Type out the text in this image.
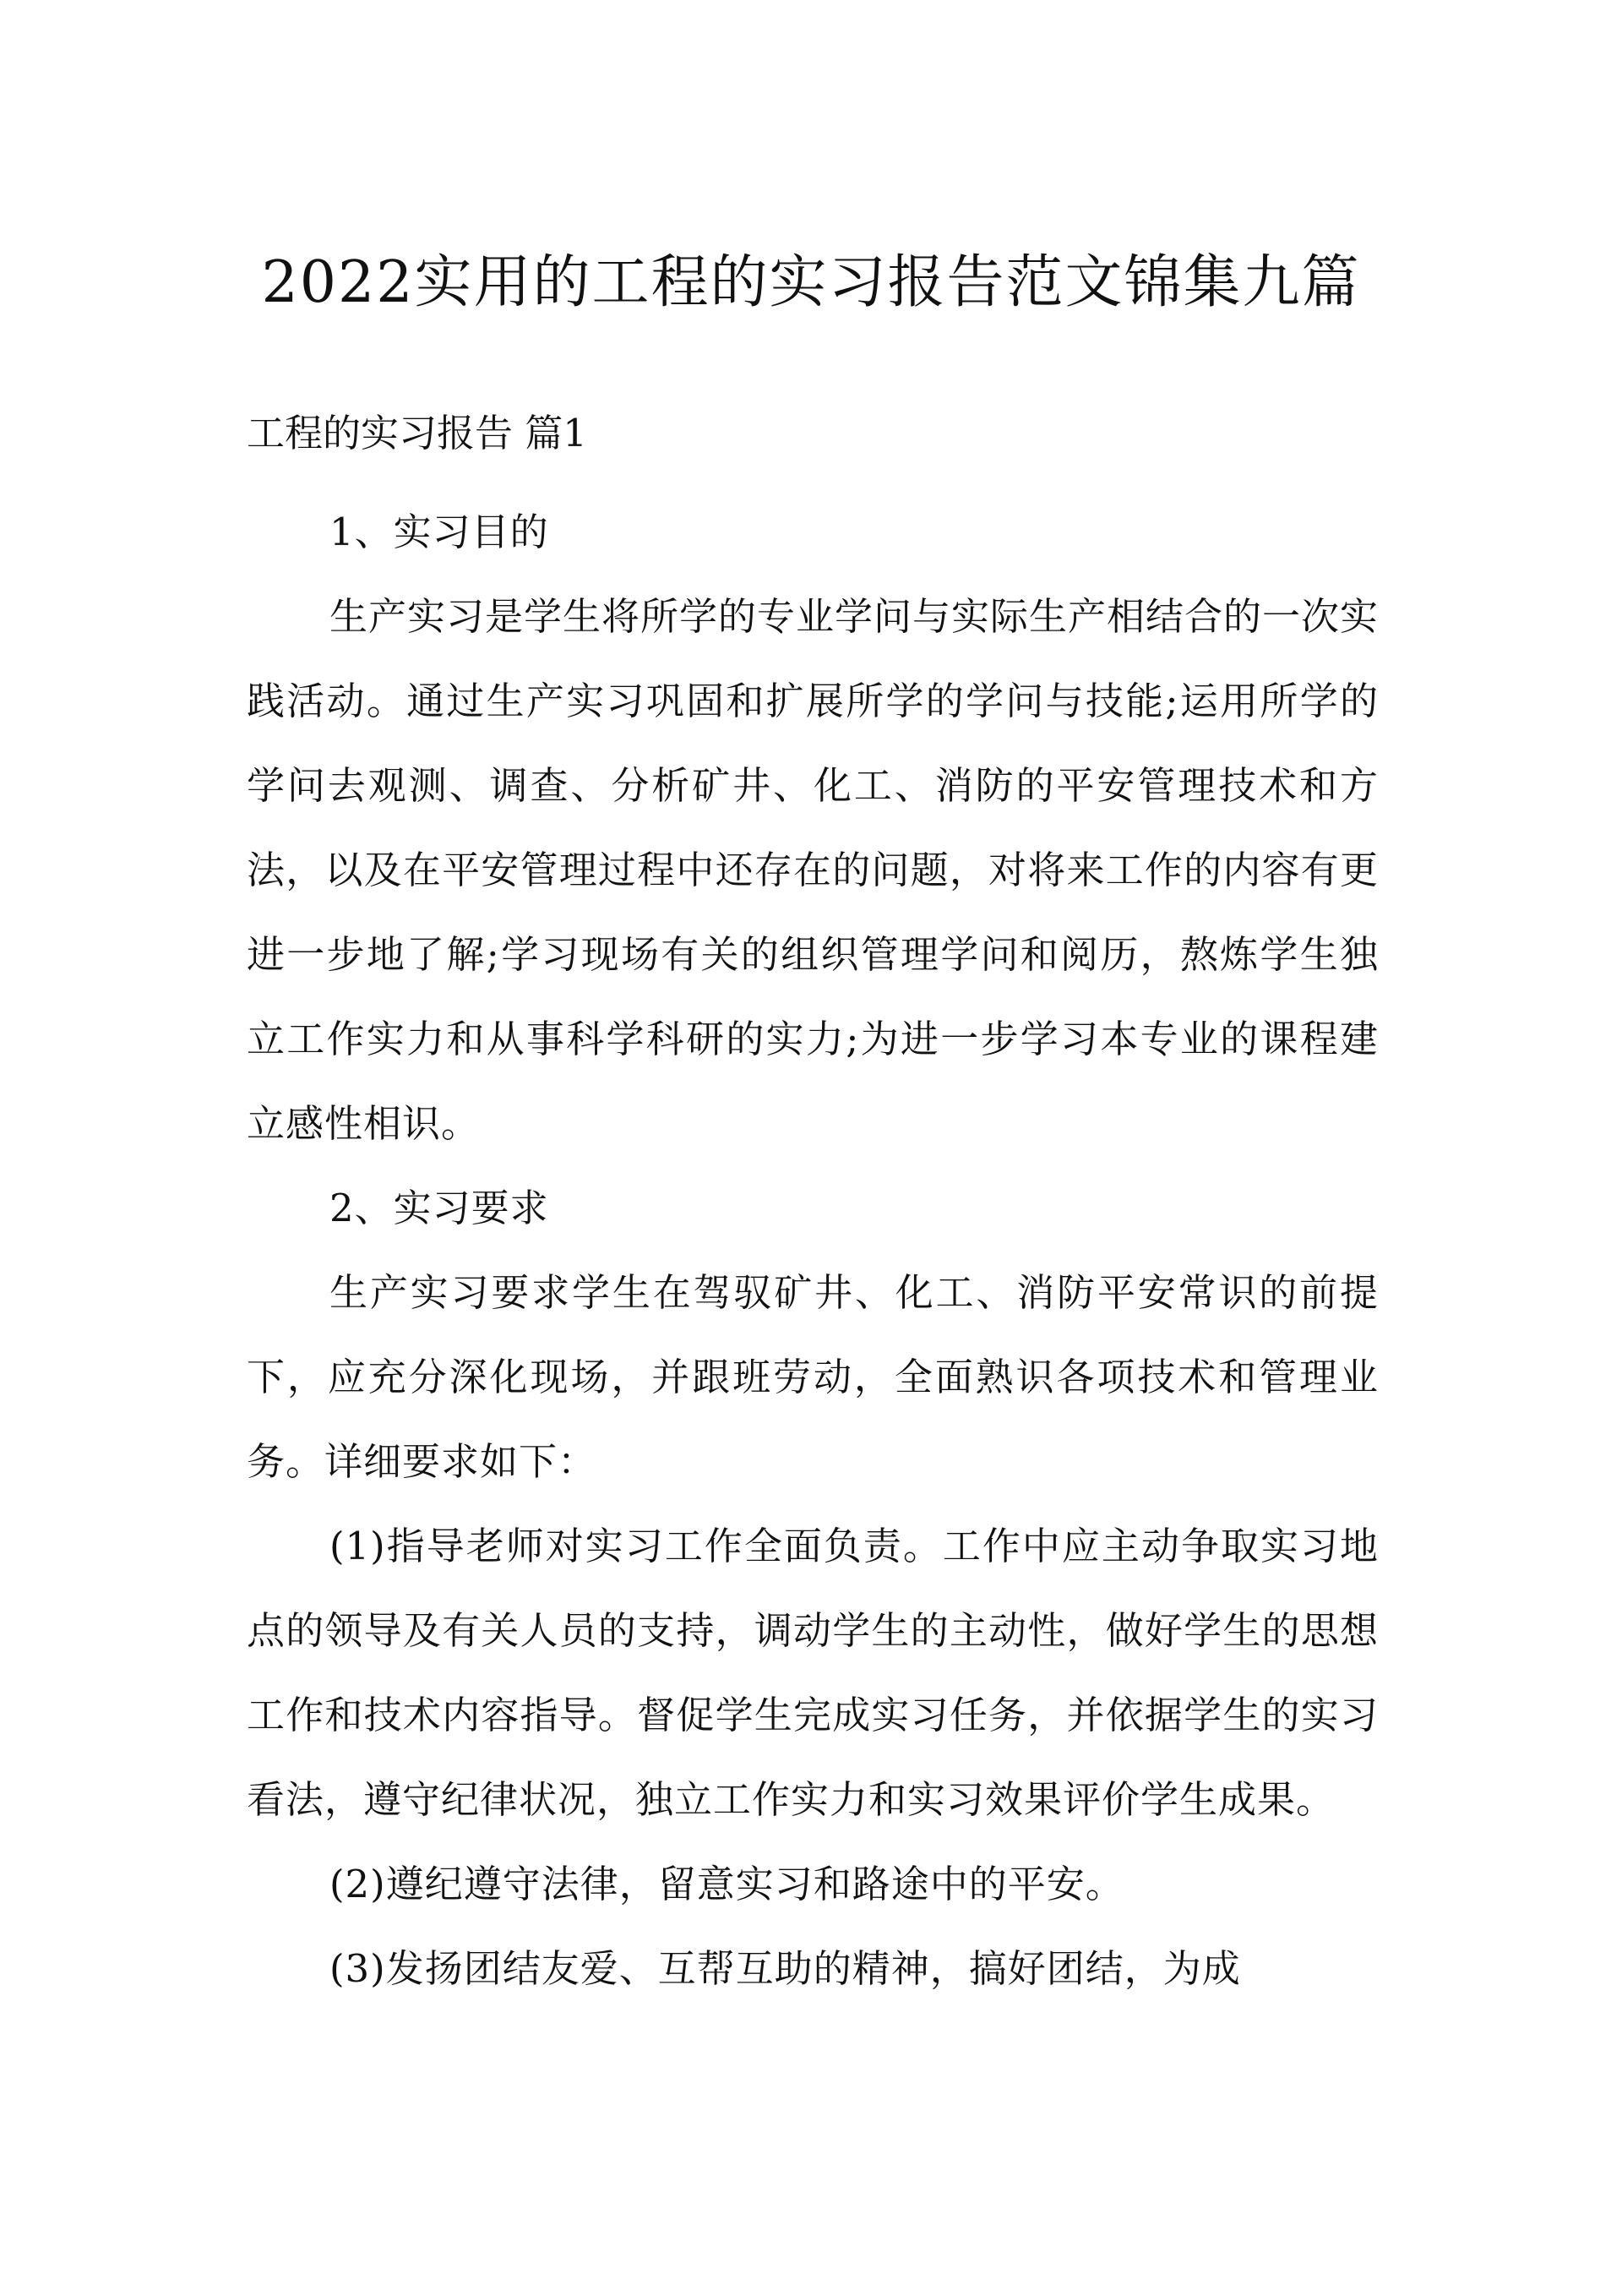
2022实用的工程的实习报告范文锦集九篇
工程的实习报告 篇1

1、实习目的

生产实习是学生将所学的专业学问与实际生产相结合的一次实践活动。通过生产实习巩固和扩展所学的学问与技能;运用所学的学问去观测、调查、分析矿井、化工、消防的平安管理技术和方法，以及在平安管理过程中还存在的问题，对将来工作的内容有更进一步地了解;学习现场有关的组织管理学问和阅历，熬炼学生独立工作实力和从事科学科研的实力;为进一步学习本专业的课程建立感性相识。

2、实习要求

生产实习要求学生在驾驭矿井、化工、消防平安常识的前提下，应充分深化现场，并跟班劳动，全面熟识各项技术和管理业务。详细要求如下：

(1)指导老师对实习工作全面负责。工作中应主动争取实习地点的领导及有关人员的支持，调动学生的主动性，做好学生的思想工作和技术内容指导。督促学生完成实习任务，并依据学生的实习看法，遵守纪律状况，独立工作实力和实习效果评价学生成果。

(2)遵纪遵守法律，留意实习和路途中的平安。

(3)发扬团结友爱、互帮互助的精神，搞好团结，为成
